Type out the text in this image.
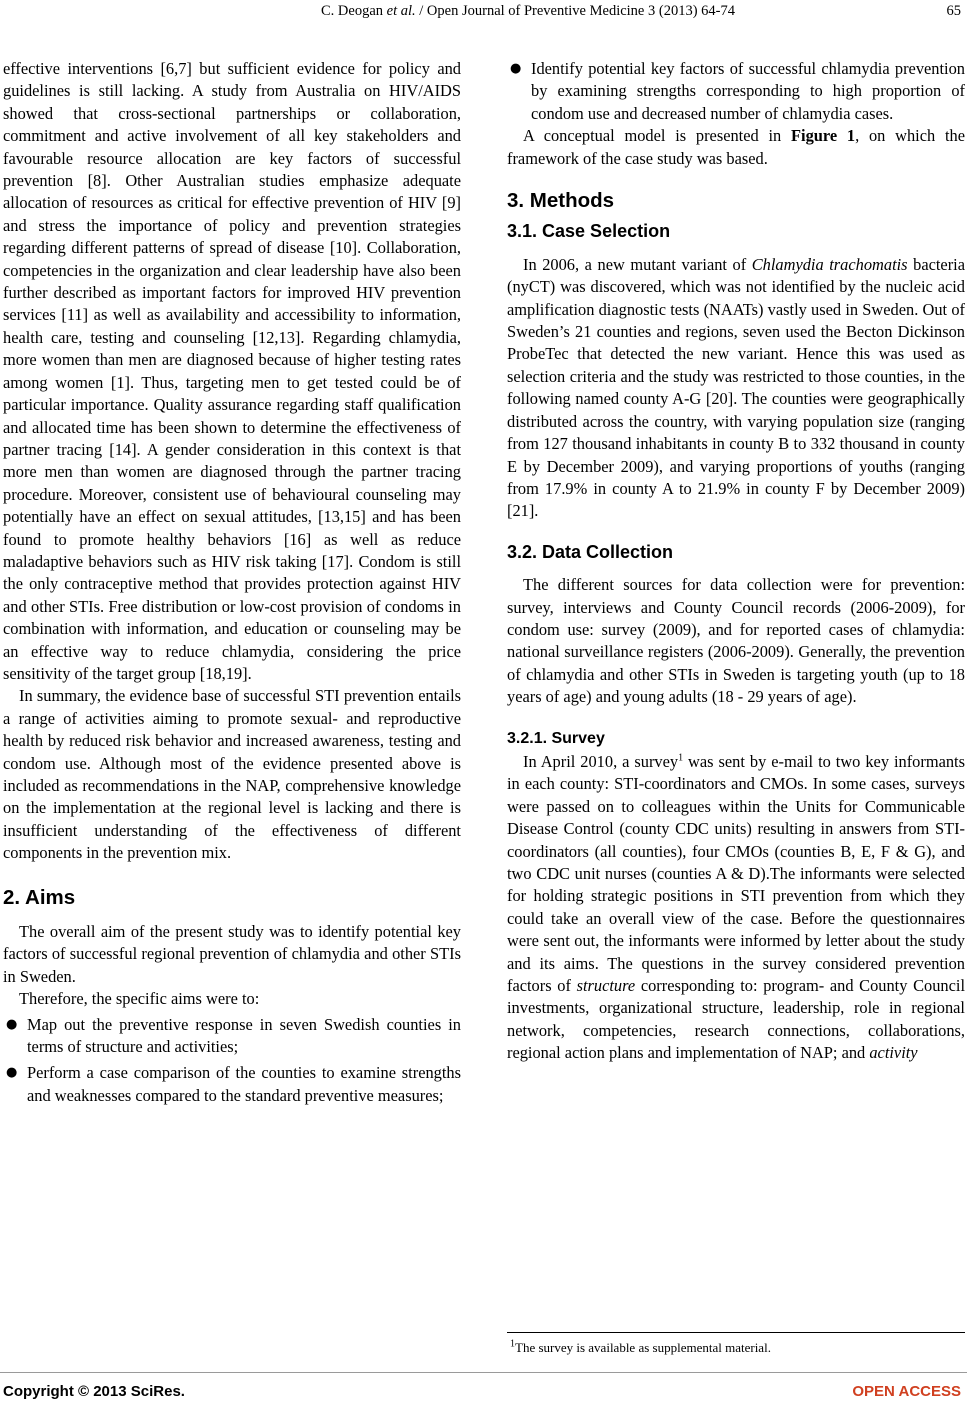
C. Deogan et al. / Open Journal of Preventive Medicine 3 (2013) 64-74	65

effective interventions [6,7] but sufficient evidence for policy and guidelines is still lacking. A study from Australia on HIV/AIDS showed that cross-sectional partnerships or collaboration, commitment and active involvement of all key stakeholders and favourable resource allocation are key factors of successful prevention [8]. Other Australian studies emphasize adequate allocation of resources as critical for effective prevention of HIV [9] and stress the importance of policy and prevention strategies regarding different patterns of spread of disease [10]. Collaboration, competencies in the organization and clear leadership have also been further described as important factors for improved HIV prevention services [11] as well as availability and accessibility to information, health care, testing and counseling [12,13]. Regarding chlamydia, more women than men are diagnosed because of higher testing rates among women [1]. Thus, targeting men to get tested could be of particular importance. Quality assurance regarding staff qualification and allocated time has been shown to determine the effectiveness of partner tracing [14]. A gender consideration in this context is that more men than women are diagnosed through the partner tracing procedure. Moreover, consistent use of behavioural counseling may potentially have an effect on sexual attitudes, [13,15] and has been found to promote healthy behaviors [16] as well as reduce maladaptive behaviors such as HIV risk taking [17]. Condom is still the only contraceptive method that provides protection against HIV and other STIs. Free distribution or low-cost provision of condoms in combination with information, and education or counseling may be an effective way to reduce chlamydia, considering the price sensitivity of the target group [18,19].

In summary, the evidence base of successful STI prevention entails a range of activities aiming to promote sexual- and reproductive health by reduced risk behavior and increased awareness, testing and condom use. Although most of the evidence presented above is included as recommendations in the NAP, comprehensive knowledge on the implementation at the regional level is lacking and there is insufficient understanding of the effectiveness of different components in the prevention mix.

2. Aims

The overall aim of the present study was to identify potential key factors of successful regional prevention of chlamydia and other STIs in Sweden.

Therefore, the specific aims were to:

● Map out the preventive response in seven Swedish counties in terms of structure and activities;
● Perform a case comparison of the counties to examine strengths and weaknesses compared to the standard preventive measures;
● Identify potential key factors of successful chlamydia prevention by examining strengths corresponding to high proportion of condom use and decreased number of chlamydia cases.

A conceptual model is presented in Figure 1, on which the framework of the case study was based.

3. Methods
3.1. Case Selection

In 2006, a new mutant variant of Chlamydia trachomatis bacteria (nyCT) was discovered, which was not identified by the nucleic acid amplification diagnostic tests (NAATs) vastly used in Sweden. Out of Sweden’s 21 counties and regions, seven used the Becton Dickinson ProbeTec that detected the new variant. Hence this was used as selection criteria and the study was restricted to those counties, in the following named county A-G [20]. The counties were geographically distributed across the country, with varying population size (ranging from 127 thousand inhabitants in county B to 332 thousand in county E by December 2009), and varying proportions of youths (ranging from 17.9% in county A to 21.9% in county F by December 2009) [21].

3.2. Data Collection

The different sources for data collection were for prevention: survey, interviews and County Council records (2006-2009), for condom use: survey (2009), and for reported cases of chlamydia: national surveillance registers (2006-2009). Generally, the prevention of chlamydia and other STIs in Sweden is targeting youth (up to 18 years of age) and young adults (18 - 29 years of age).

3.2.1. Survey

In April 2010, a survey$^1$ was sent by e-mail to two key informants in each county: STI-coordinators and CMOs. In some cases, surveys were passed on to colleagues within the Units for Communicable Disease Control (county CDC units) resulting in answers from STI-coordinators (all counties), four CMOs (counties B, E, F & G), and two CDC unit nurses (counties A & D).The informants were selected for holding strategic positions in STI prevention from which they could take an overall view of the case. Before the questionnaires were sent out, the informants were informed by letter about the study and its aims. The questions in the survey considered prevention factors of structure corresponding to: program- and County Council investments, organizational structure, leadership, role in regional network, competencies, research connections, collaborations, regional action plans and implementation of NAP; and activity

$^1$The survey is available as supplemental material.
Copyright © 2013 SciRes.	OPEN ACCESS
